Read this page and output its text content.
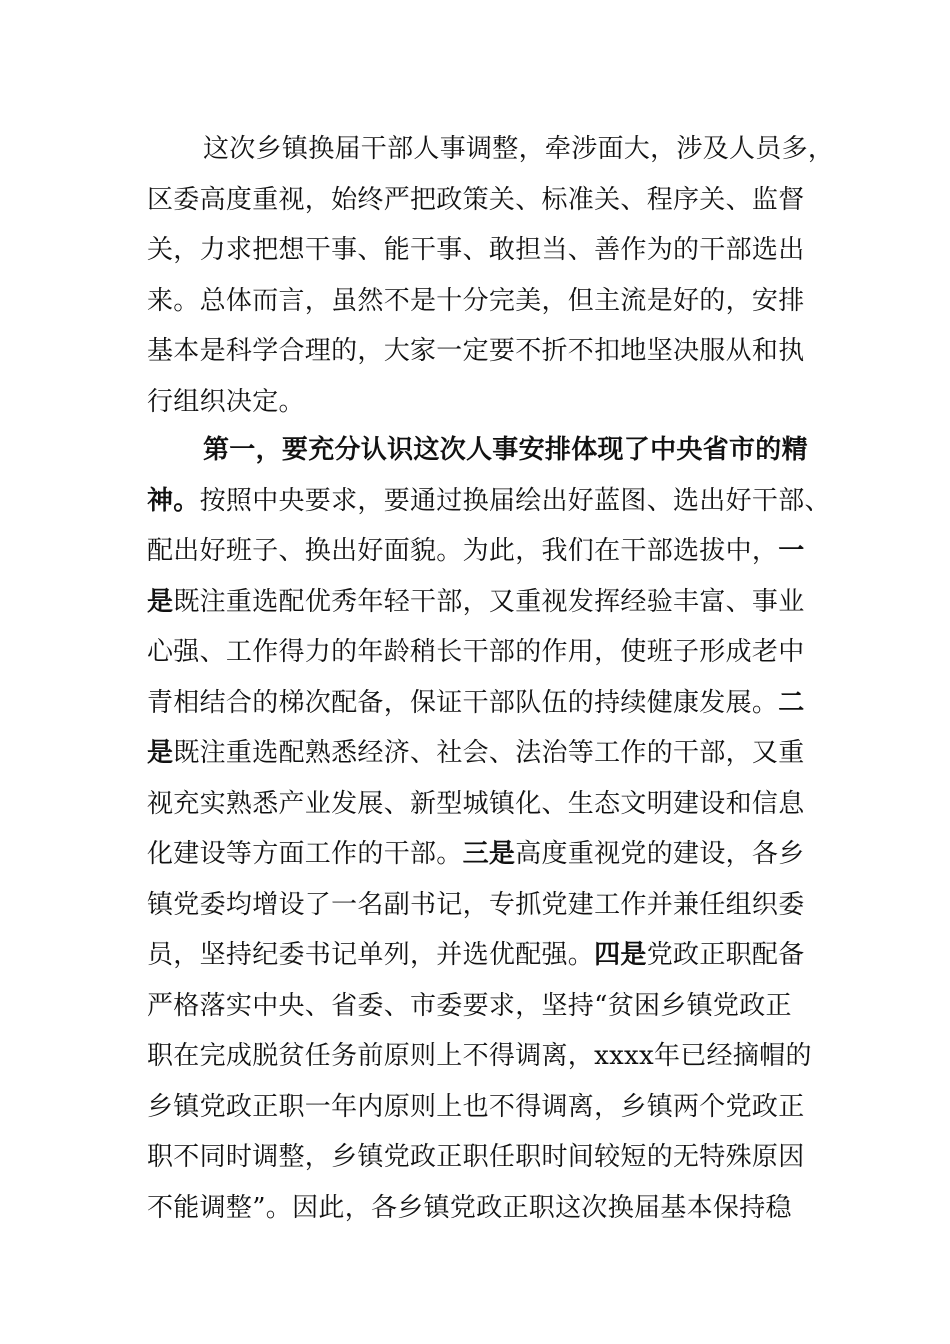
这次乡镇换届干部人事调整，牵涉面大，涉及人员多，
区委高度重视，始终严把政策关、标准关、程序关、监督
关，力求把想干事、能干事、敢担当、善作为的干部选出
来。总体而言，虽然不是十分完美，但主流是好的，安排
基本是科学合理的，大家一定要不折不扣地坚决服从和执
行组织决定。
第一，要充分认识这次人事安排体现了中央省市的精
神。按照中央要求，要通过换届绘出好蓝图、选出好干部、
配出好班子、换出好面貌。为此，我们在干部选拔中，一
是既注重选配优秀年轻干部，又重视发挥经验丰富、事业
心强、工作得力的年龄稍长干部的作用，使班子形成老中
青相结合的梯次配备，保证干部队伍的持续健康发展。二
是既注重选配熟悉经济、社会、法治等工作的干部，又重
视充实熟悉产业发展、新型城镇化、生态文明建设和信息
化建设等方面工作的干部。三是高度重视党的建设，各乡
镇党委均增设了一名副书记，专抓党建工作并兼任组织委
员，坚持纪委书记单列，并选优配强。四是党政正职配备
严格落实中央、省委、市委要求，坚持“贫困乡镇党政正
职在完成脱贫任务前原则上不得调离，xxxx年已经摘帽的
乡镇党政正职一年内原则上也不得调离，乡镇两个党政正
职不同时调整，乡镇党政正职任职时间较短的无特殊原因
不能调整”。因此，各乡镇党政正职这次换届基本保持稳
